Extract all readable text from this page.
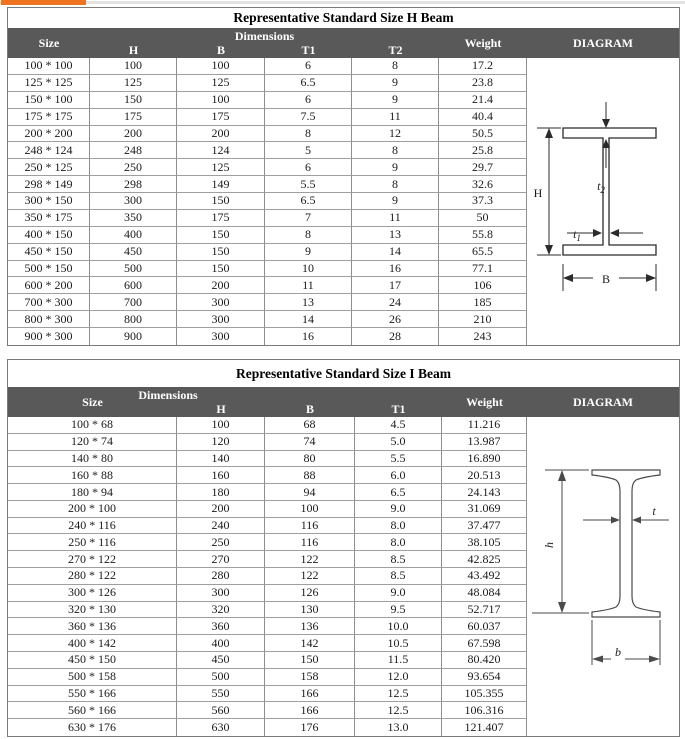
Representative Standard Size H Beam
Size	Dimensions
H	B	T1	T2	Weight	DIAGRAM
100 * 100	100	100	6	8	17.2
125 * 125	125	125	6.5	9	23.8
150 * 100	150	100	6	9	21.4
175 * 175	175	175	7.5	11	40.4
200 * 200	200	200	8	12	50.5
248 * 124	248	124	5	8	25.8
250 * 125	250	125	6	9	29.7
298 * 149	298	149	5.5	8	32.6
300 * 150	300	150	6.5	9	37.3
350 * 175	350	175	7	11	50
400 * 150	400	150	8	13	55.8
450 * 150	450	150	9	14	65.5
500 * 150	500	150	10	16	77.1
600 * 200	600	200	11	17	106
700 * 300	700	300	13	24	185
800 * 300	800	300	14	26	210
900 * 300	900	300	16	28	243
$t_2$
H
$t_1$
B
Representative Standard Size I Beam
Size	Dimensions
H	B	T1	Weight	DIAGRAM
100 * 68	100	68	4.5	11.216
120 * 74	120	74	5.0	13.987
140 * 80	140	80	5.5	16.890
160 * 88	160	88	6.0	20.513
180 * 94	180	94	6.5	24.143
200 * 100	200	100	9.0	31.069
240 * 116	240	116	8.0	37.477
250 * 116	250	116	8.0	38.105
270 * 122	270	122	8.5	42.825
280 * 122	280	122	8.5	43.492
300 * 126	300	126	9.0	48.084
320 * 130	320	130	9.5	52.717
360 * 136	360	136	10.0	60.037
400 * 142	400	142	10.5	67.598
450 * 150	450	150	11.5	80.420
500 * 158	500	158	12.0	93.654
550 * 166	550	166	12.5	105.355
560 * 166	560	166	12.5	106.316
630 * 176	630	176	13.0	121.407
h
t
b
